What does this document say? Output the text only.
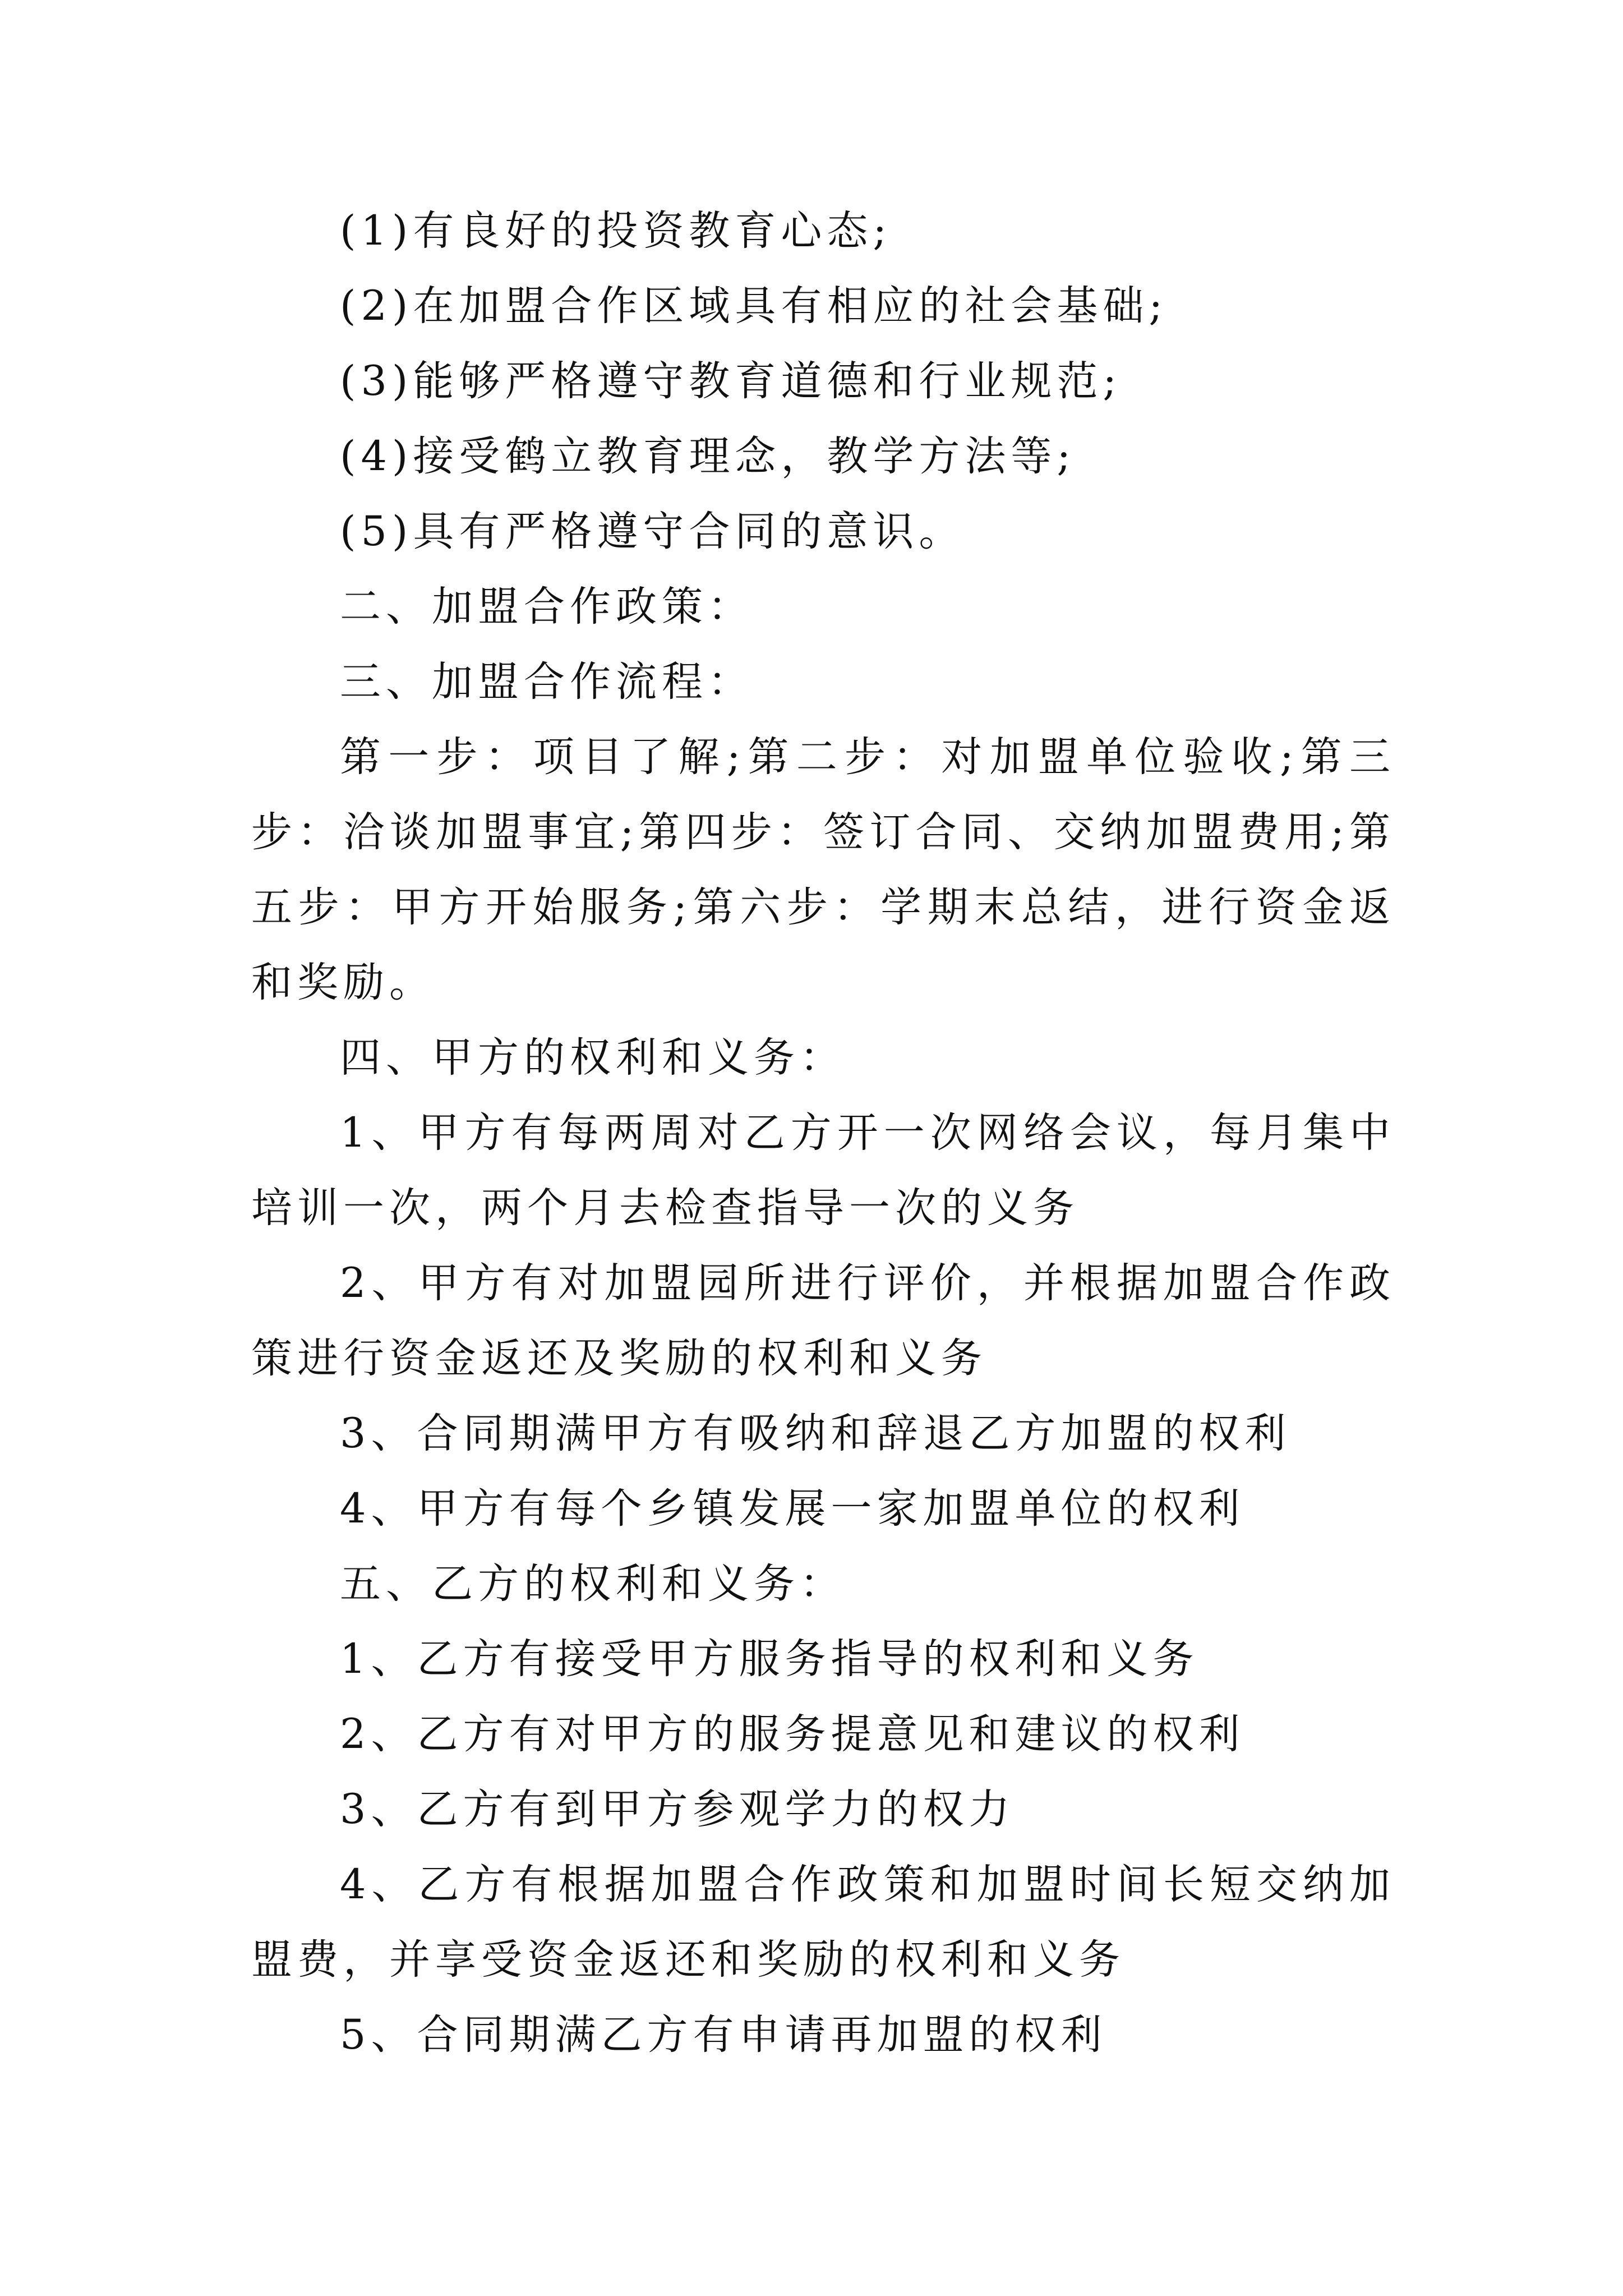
(1)有良好的投资教育心态;

(2)在加盟合作区域具有相应的社会基础;

(3)能够严格遵守教育道德和行业规范;

(4)接受鹤立教育理念，教学方法等;

(5)具有严格遵守合同的意识。

二、加盟合作政策：

三、加盟合作流程：

第一步：项目了解;第二步：对加盟单位验收;第三步：洽谈加盟事宜;第四步：签订合同、交纳加盟费用;第五步：甲方开始服务;第六步：学期末总结，进行资金返和奖励。

四、甲方的权利和义务：

1、甲方有每两周对乙方开一次网络会议，每月集中培训一次，两个月去检查指导一次的义务

2、甲方有对加盟园所进行评价，并根据加盟合作政策进行资金返还及奖励的权利和义务

3、合同期满甲方有吸纳和辞退乙方加盟的权利

4、甲方有每个乡镇发展一家加盟单位的权利

五、乙方的权利和义务：

1、乙方有接受甲方服务指导的权利和义务

2、乙方有对甲方的服务提意见和建议的权利

3、乙方有到甲方参观学力的权力

4、乙方有根据加盟合作政策和加盟时间长短交纳加盟费，并享受资金返还和奖励的权利和义务

5、合同期满乙方有申请再加盟的权利
